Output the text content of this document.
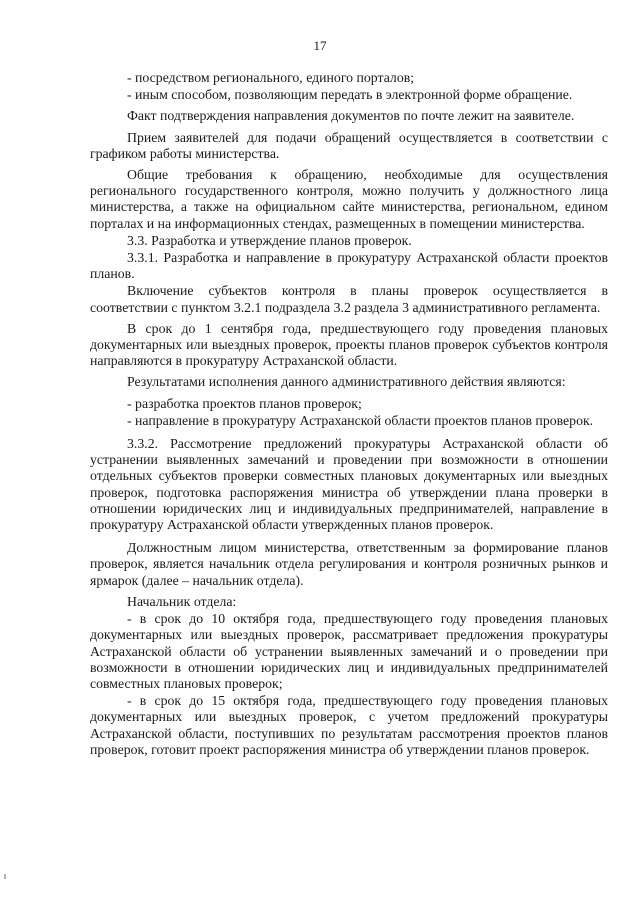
17

- посредством регионального, единого порталов;

- иным способом, позволяющим передать в электронной форме обращение.

Факт подтверждения направления документов по почте лежит на заявителе.

Прием заявителей для подачи обращений осуществляется в соответствии с графиком работы министерства.

Общие требования к обращению, необходимые для осуществления регионального государственного контроля, можно получить у должностного лица министерства, а также на официальном сайте министерства, региональном, едином порталах и на информационных стендах, размещенных в помещении министерства.

3.3. Разработка и утверждение планов проверок.

3.3.1. Разработка и направление в прокуратуру Астраханской области проектов планов.

Включение субъектов контроля в планы проверок осуществляется в соответствии с пунктом 3.2.1 подраздела 3.2 раздела 3 административного регламента.

В срок до 1 сентября года, предшествующего году проведения плановых документарных или выездных проверок, проекты планов проверок субъектов контроля направляются в прокуратуру Астраханской области.

Результатами исполнения данного административного действия являются:

- разработка проектов планов проверок;

- направление в прокуратуру Астраханской области проектов планов проверок.

3.3.2. Рассмотрение предложений прокуратуры Астраханской области об устранении выявленных замечаний и проведении при возможности в отношении отдельных субъектов проверки совместных плановых документарных или выездных проверок, подготовка распоряжения министра об утверждении плана проверки в отношении юридических лиц и индивидуальных предпринимателей, направление в прокуратуру Астраханской области утвержденных планов проверок.

Должностным лицом министерства, ответственным за формирование планов проверок, является начальник отдела регулирования и контроля розничных рынков и ярмарок (далее – начальник отдела).

Начальник отдела:

- в срок до 10 октября года, предшествующего году проведения плановых документарных или выездных проверок, рассматривает предложения прокуратуры Астраханской области об устранении выявленных замечаний и о проведении при возможности в отношении юридических лиц и индивидуальных предпринимателей совместных плановых проверок;

- в срок до 15 октября года, предшествующего году проведения плановых документарных или выездных проверок, с учетом предложений прокуратуры Астраханской области, поступивших по результатам рассмотрения проектов планов проверок, готовит проект распоряжения министра об утверждении планов проверок.
